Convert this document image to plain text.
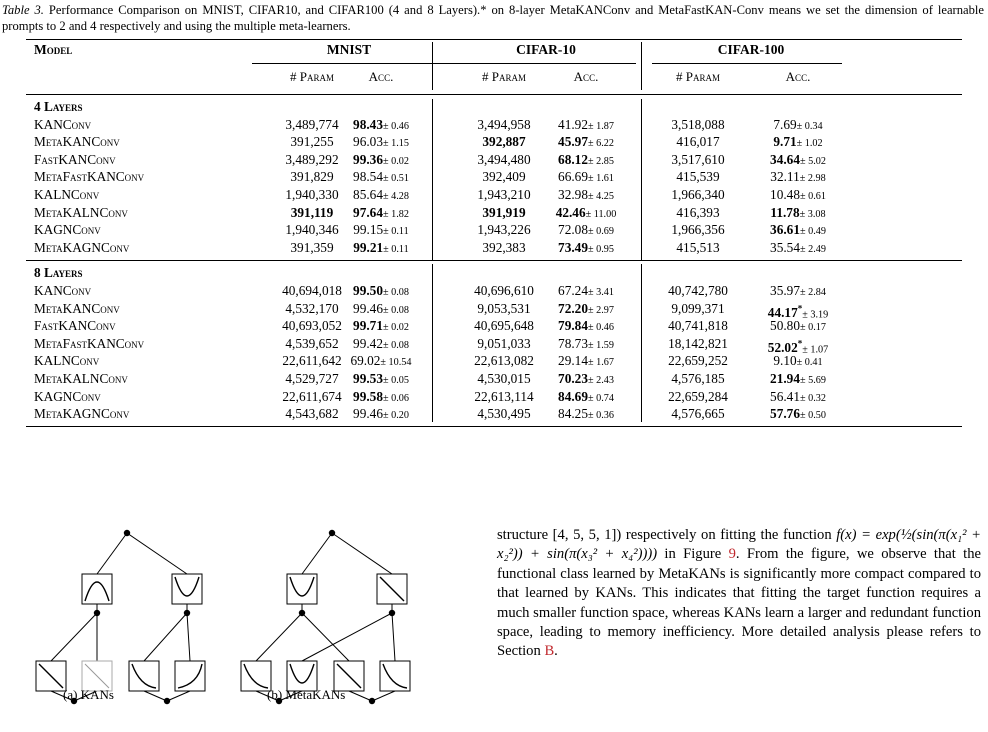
Table 3. Performance Comparison on MNIST, CIFAR10, and CIFAR100 (4 and 8 Layers).* on 8-layer MetaKANConv and MetaFastKAN-Conv means we set the dimension of learnable prompts to 2 and 4 respectively and using the multiple meta-learners.
Model	MNIST	CIFAR-10	CIFAR-100
# Param	Acc.	# Param	Acc.	# Param	Acc.
4 Layers
KANConv	3,489,774	98.43± 0.46	3,494,958	41.92± 1.87	3,518,088	7.69± 0.34
MetaKANConv	391,255	96.03± 1.15	392,887	45.97± 6.22	416,017	9.71± 1.02
FastKANConv	3,489,292	99.36± 0.02	3,494,480	68.12± 2.85	3,517,610	34.64± 5.02
MetaFastKANConv	391,829	98.54± 0.51	392,409	66.69± 1.61	415,539	32.11± 2.98
KALNConv	1,940,330	85.64± 4.28	1,943,210	32.98± 4.25	1,966,340	10.48± 0.61
MetaKALNConv	391,119	97.64± 1.82	391,919	42.46± 11.00	416,393	11.78± 3.08
KAGNConv	1,940,346	99.15± 0.11	1,943,226	72.08± 0.69	1,966,356	36.61± 0.49
MetaKAGNConv	391,359	99.21± 0.11	392,383	73.49± 0.95	415,513	35.54± 2.49
8 Layers
KANConv	40,694,018 99.50± 0.08	40,696,610	67.24± 3.41	40,742,780	35.97± 2.84
MetaKANConv	4,532,170	99.46± 0.08	9,053,531	72.20± 2.97	9,099,371	44.17*± 3.19
FastKANConv	40,693,052 99.71± 0.02	40,695,648	79.84± 0.46	40,741,818	50.80± 0.17
MetaFastKANConv	4,539,652	99.42± 0.08	9,051,033	78.73± 1.59	18,142,821	52.02*± 1.07
KALNConv	22,611,642 69.02± 10.54	22,613,082	29.14± 1.67	22,659,252	9.10± 0.41
MetaKALNConv	4,529,727	99.53± 0.05	4,530,015	70.23± 2.43	4,576,185	21.94± 5.69
KAGNConv	22,611,674 99.58± 0.06	22,613,114	84.69± 0.74	22,659,284	56.41± 0.32
MetaKAGNConv	4,543,682	99.46± 0.20	4,530,495	84.25± 0.36	4,576,665	57.76± 0.50
(a) KANs	(b) MetaKANs
structure [4, 5, 5, 1]) respectively on fitting the function f(x) = exp(½(sin(π(x₁² + x₂²)) + sin(π(x₃² + x₄²)))) in Figure 9. From the figure, we observe that the functional class learned by MetaKANs is significantly more compact compared to that learned by KANs. This indicates that fitting the target function requires a much smaller function space, whereas KANs learn a larger and redundant function space, leading to memory inefficiency. More detailed analysis please refers to Section B.
